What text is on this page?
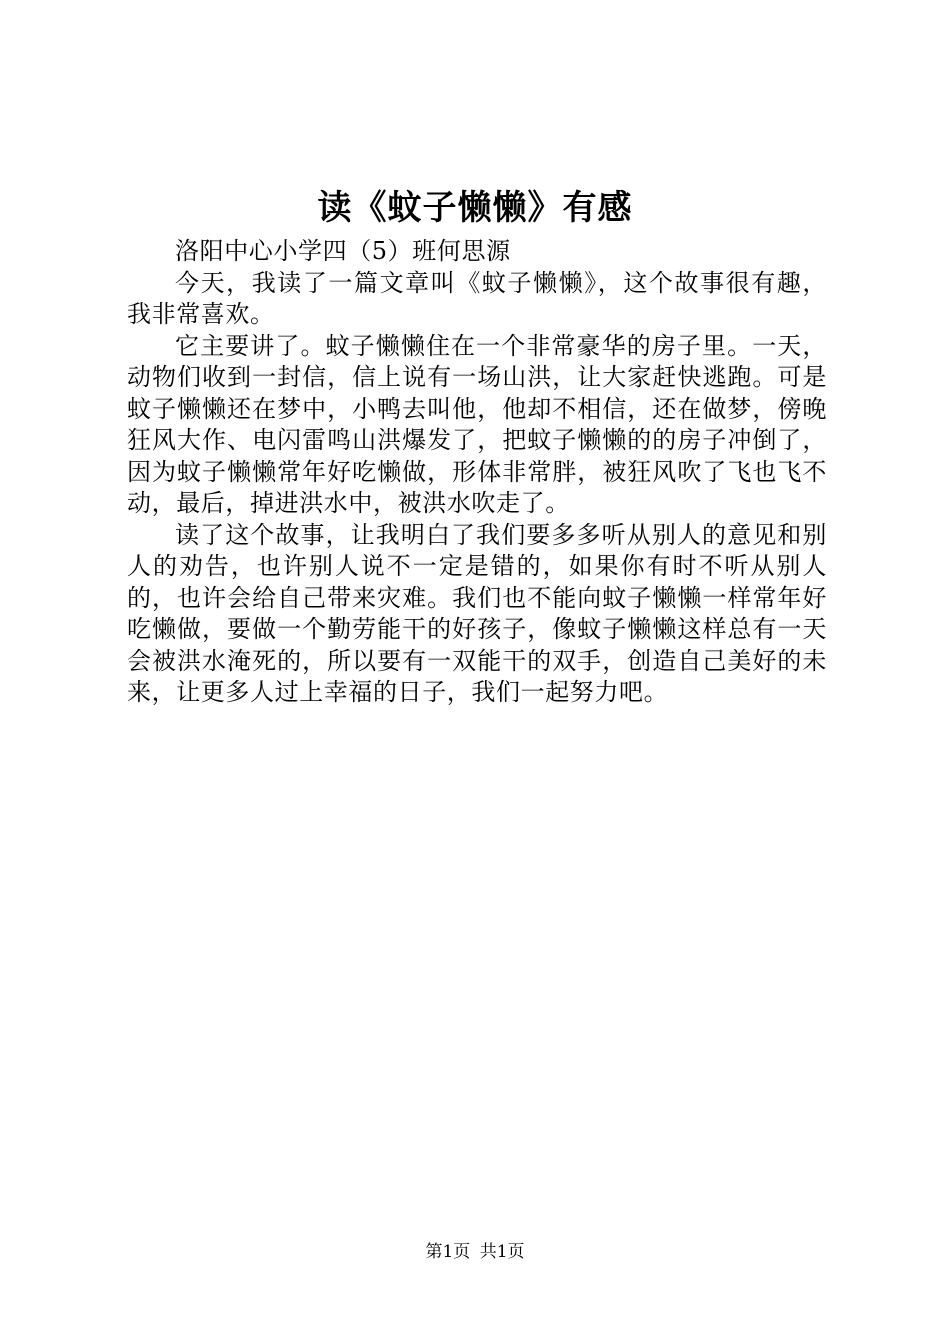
读《蚊子懒懒》有感

洛阳中心小学四（5）班何思源

今天，我读了一篇文章叫《蚊子懒懒》，这个故事很有趣，我非常喜欢。

它主要讲了。蚊子懒懒住在一个非常豪华的房子里。一天，动物们收到一封信，信上说有一场山洪，让大家赶快逃跑。可是蚊子懒懒还在梦中，小鸭去叫他，他却不相信，还在做梦，傍晚狂风大作、电闪雷鸣山洪爆发了，把蚊子懒懒的的房子冲倒了，因为蚊子懒懒常年好吃懒做，形体非常胖，被狂风吹了飞也飞不动，最后，掉进洪水中，被洪水吹走了。

读了这个故事，让我明白了我们要多多听从别人的意见和别人的劝告，也许别人说不一定是错的，如果你有时不听从别人的，也许会给自己带来灾难。我们也不能向蚊子懒懒一样常年好吃懒做，要做一个勤劳能干的好孩子，像蚊子懒懒这样总有一天会被洪水淹死的，所以要有一双能干的双手，创造自己美好的未来，让更多人过上幸福的日子，我们一起努力吧。

第1页 共1页
